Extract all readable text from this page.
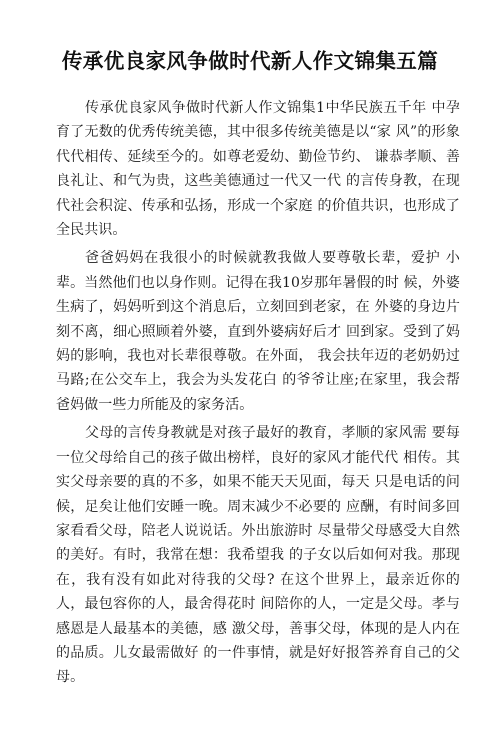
传承优良家风争做时代新人作文锦集五篇

传承优良家风争做时代新人作文锦集1中华民族五千年 中孕育了无数的优秀传统美德，其中很多传统美德是以“家 风”的形象代代相传、延续至今的。如尊老爱幼、勤俭节约、 谦恭孝顺、善良礼让、和气为贵，这些美德通过一代又一代 的言传身教，在现代社会积淀、传承和弘扬，形成一个家庭 的价值共识，也形成了全民共识。

爸爸妈妈在我很小的时候就教我做人要尊敬长辈，爱护 小辈。当然他们也以身作则。记得在我10岁那年暑假的时 候，外婆生病了，妈妈听到这个消息后，立刻回到老家，在 外婆的身边片刻不离，细心照顾着外婆，直到外婆病好后才 回到家。受到了妈妈的影响，我也对长辈很尊敬。在外面， 我会扶年迈的老奶奶过马路;在公交车上，我会为头发花白 的爷爷让座;在家里，我会帮爸妈做一些力所能及的家务活。

父母的言传身教就是对孩子最好的教育，孝顺的家风需 要每一位父母给自己的孩子做出榜样，良好的家风才能代代 相传。其实父母亲要的真的不多，如果不能天天见面，每天 只是电话的问候，足矣让他们安睡一晚。周末减少不必要的 应酬，有时间多回家看看父母，陪老人说说话。外出旅游时 尽量带父母感受大自然的美好。有时，我常在想：我希望我 的子女以后如何对我。那现在，我有没有如此对待我的父母? 在这个世界上，最亲近你的人，最包容你的人，最舍得花时 间陪你的人，一定是父母。孝与感恩是人最基本的美德，感 激父母，善事父母，体现的是人内在的品质。儿女最需做好 的一件事情，就是好好报答养育自己的父母。
